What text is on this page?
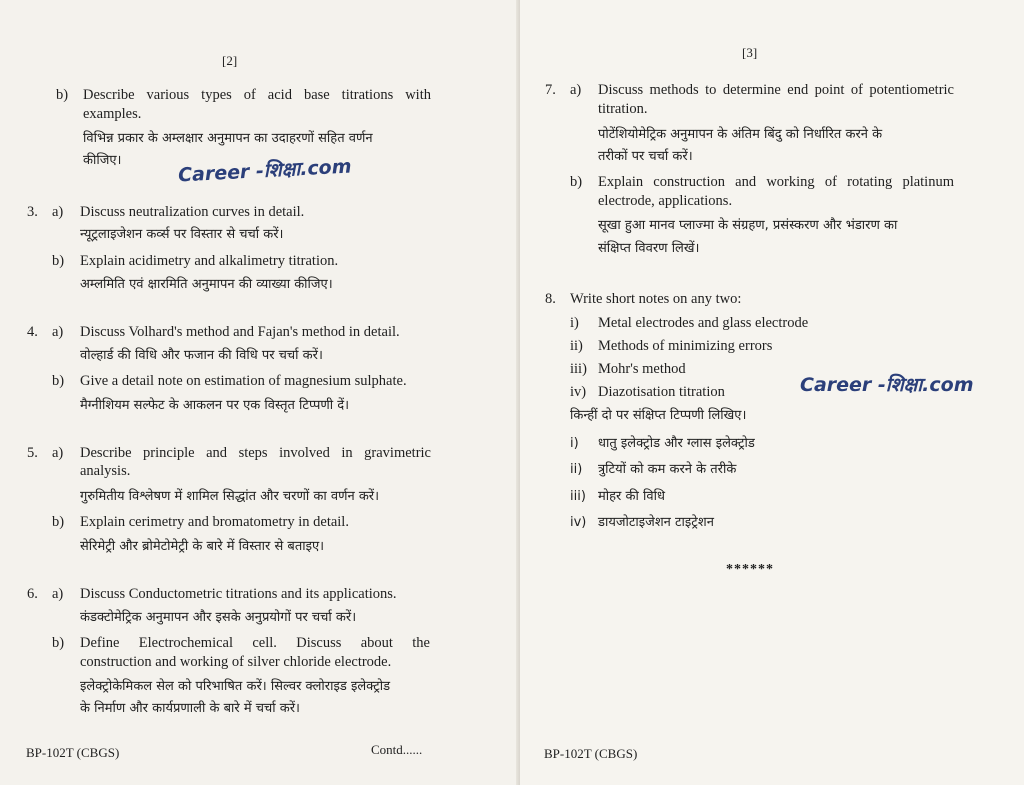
[2]
b) Describe various types of acid base titrations with
examples.
विभिन्न प्रकार के अम्लक्षार अनुमापन का उदाहरणों सहित वर्णन
कीजिए।	Career -शिक्षा.com
3. a) Discuss neutralization curves in detail.
न्यूट्रलाइजेशन कर्व्स पर विस्तार से चर्चा करें।
b) Explain acidimetry and alkalimetry titration.
अम्लमिति एवं क्षारमिति अनुमापन की व्याख्या कीजिए।
4. a) Discuss Volhard's method and Fajan's method in detail.
वोल्हार्ड की विधि और फजान की विधि पर चर्चा करें।
b) Give a detail note on estimation of magnesium sulphate.
मैग्नीशियम सल्फेट के आकलन पर एक विस्तृत टिप्पणी दें।
5. a) Describe principle and steps involved in gravimetric
analysis.
गुरुमितीय विश्लेषण में शामिल सिद्धांत और चरणों का वर्णन करें।
b) Explain cerimetry and bromatometry in detail.
सेरिमेट्री और ब्रोमेटोमेट्री के बारे में विस्तार से बताइए।
6. a) Discuss Conductometric titrations and its applications.
कंडक्टोमेट्रिक अनुमापन और इसके अनुप्रयोगों पर चर्चा करें।
b) Define Electrochemical cell. Discuss about the
construction and working of silver chloride electrode.
इलेक्ट्रोकेमिकल सेल को परिभाषित करें। सिल्वर क्लोराइड इलेक्ट्रोड
के निर्माण और कार्यप्रणाली के बारे में चर्चा करें।
BP-102T (CBGS)	Contd......
[3]
7. a) Discuss methods to determine end point of potentiometric
titration.
पोटेंशियोमेट्रिक अनुमापन के अंतिम बिंदु को निर्धारित करने के
तरीकों पर चर्चा करें।
b) Explain construction and working of rotating platinum
electrode, applications.
सूखा हुआ मानव प्लाज्मा के संग्रहण, प्रसंस्करण और भंडारण का
संक्षिप्त विवरण लिखें।
8. Write short notes on any two:
i) Metal electrodes and glass electrode
ii) Methods of minimizing errors
iii) Mohr's method
iv) Diazotisation titration	Career -शिक्षा.com
किन्हीं दो पर संक्षिप्त टिप्पणी लिखिए।
i) धातु इलेक्ट्रोड और ग्लास इलेक्ट्रोड
ii) त्रुटियों को कम करने के तरीके
iii) मोहर की विधि
iv) डायजोटाइजेशन टाइट्रेशन
******
BP-102T (CBGS)
